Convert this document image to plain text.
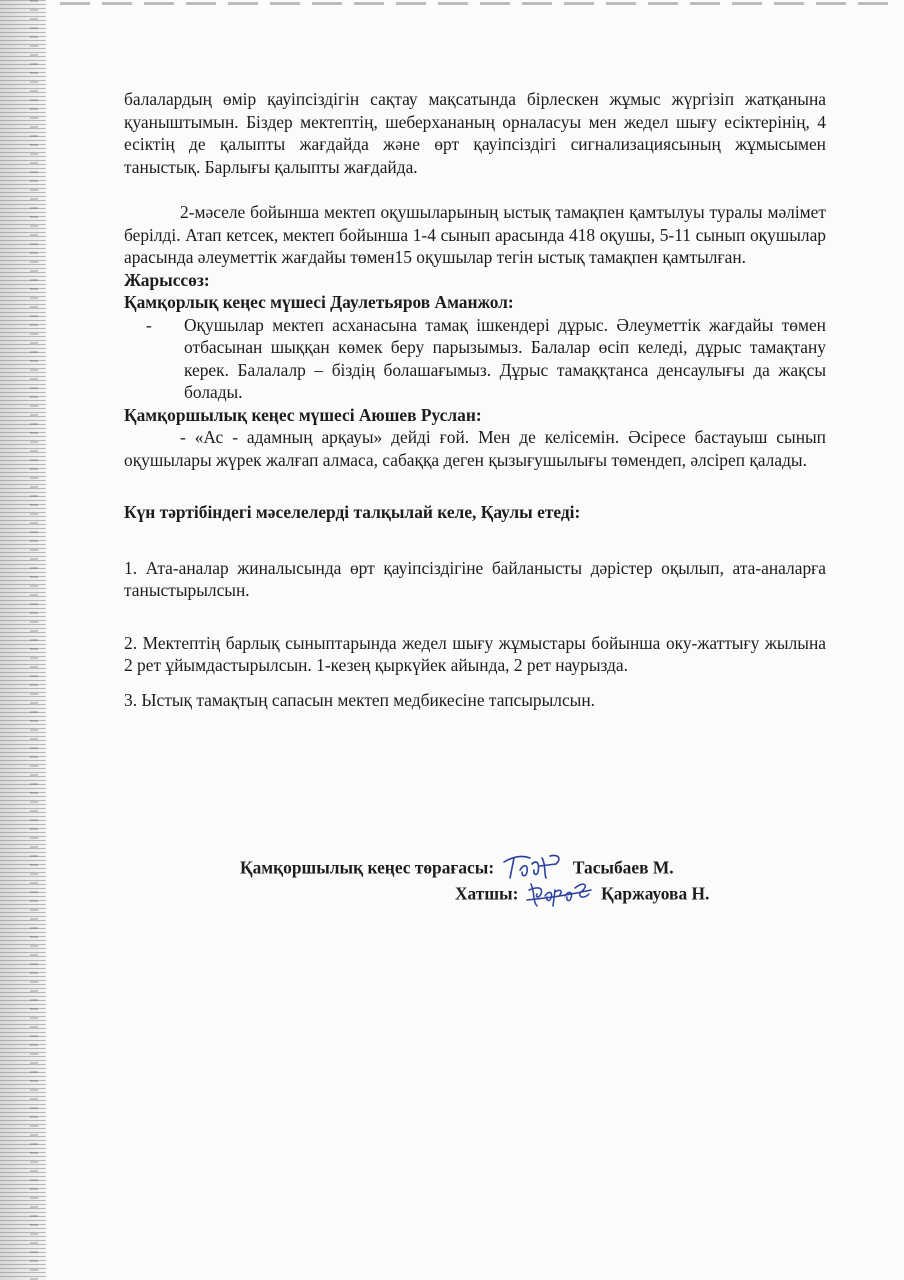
балалардың өмір қауіпсіздігін сақтау мақсатында бірлескен жұмыс жүргізіп жатқанына қуаныштымын. Біздер мектептің, шеберхананың орналасуы мен жедел шығу есіктерінің, 4 есіктің де қалыпты жағдайда және өрт қауіпсіздігі сигнализациясының жұмысымен таныстық. Барлығы қалыпты жағдайда.

2-мәселе бойынша мектеп оқушыларының ыстық тамақпен қамтылуы туралы мәлімет берілді. Атап кетсек, мектеп бойынша 1-4 сынып арасында 418 оқушы, 5-11 сынып оқушылар арасында әлеуметтік жағдайы төмен15 оқушылар тегін ыстық тамақпен қамтылған.

Жарыссөз:

Қамқорлық кеңес мүшесі Даулетьяров Аманжол:

-	Оқушылар мектеп асханасына тамақ ішкендері дұрыс. Әлеуметтік жағдайы төмен отбасынан шыққан көмек беру парызымыз. Балалар өсіп келеді, дұрыс тамақтану керек. Балалалр – біздің болашағымыз. Дұрыс тамаққтанса денсаулығы да жақсы болады.

Қамқоршылық кеңес мүшесі Аюшев Руслан:

- «Ас - адамның арқауы» дейді ғой. Мен де келісемін. Әсіресе бастауыш сынып оқушылары жүрек жалғап алмаса, сабаққа деген қызығушылығы төмендеп, әлсіреп қалады.

Күн тәртібіндегі мәселелерді талқылай келе, Қаулы етеді:

1. Ата-аналар жиналысында өрт қауіпсіздігіне байланысты дәрістер оқылып, ата-аналарға таныстырылсын.

2. Мектептің барлық сыныптарында жедел шығу жұмыстары бойынша оку-жаттығу жылына 2 рет ұйымдастырылсын. 1-кезең қыркүйек айында, 2 рет наурызда.

3. Ыстық тамақтың сапасын мектеп медбикесіне тапсырылсын.

Қамқоршылық кеңес төрағасы:	Тасыбаев М.
Хатшы:	Қаржауова Н.
